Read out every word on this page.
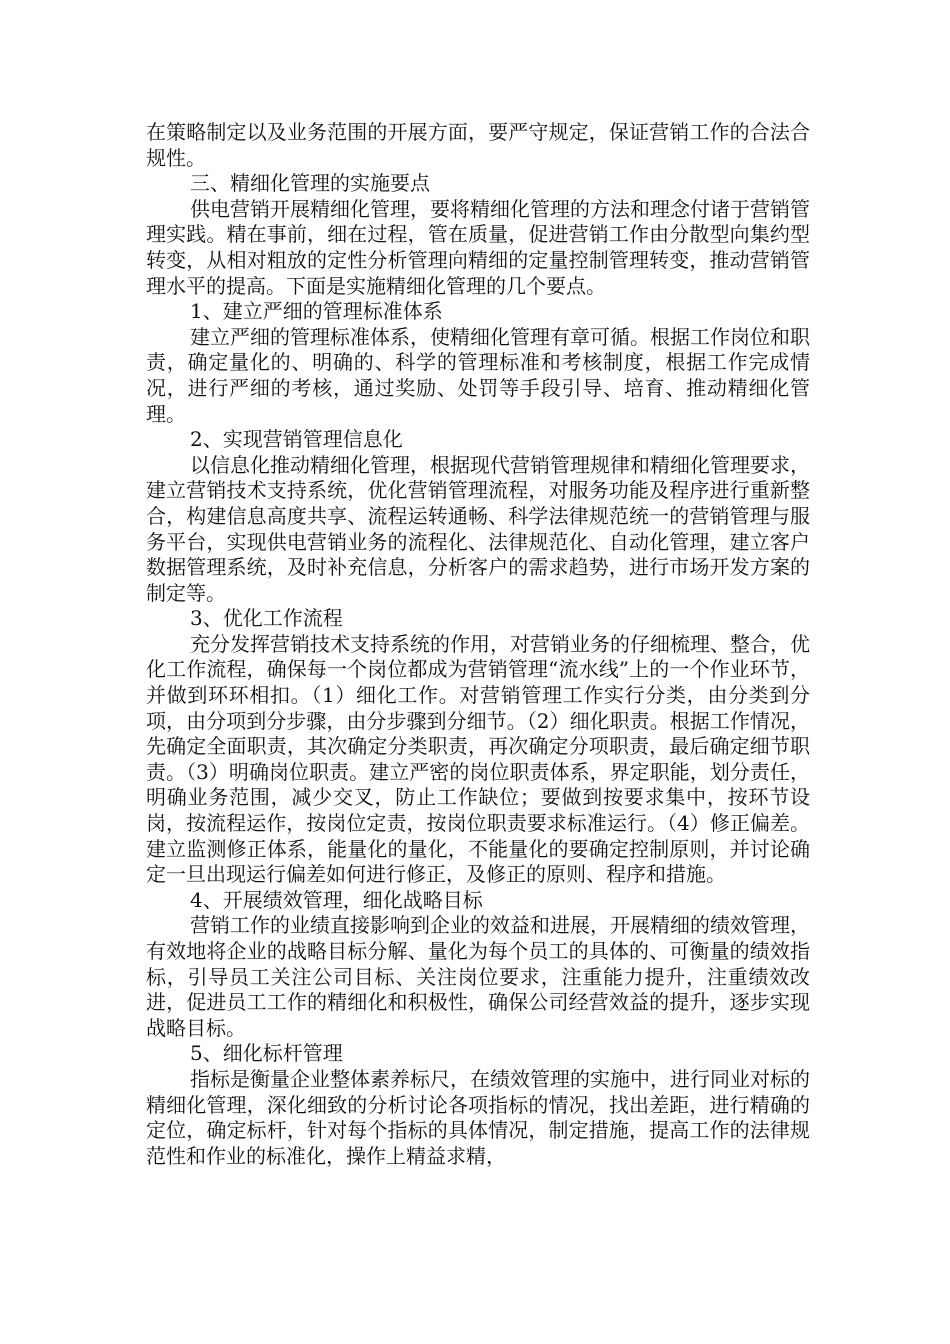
在策略制定以及业务范围的开展方面，要严守规定，保证营销工作的合法合规性。

三、精细化管理的实施要点

供电营销开展精细化管理，要将精细化管理的方法和理念付诸于营销管理实践。精在事前，细在过程，管在质量，促进营销工作由分散型向集约型转变，从相对粗放的定性分析管理向精细的定量控制管理转变，推动营销管理水平的提高。下面是实施精细化管理的几个要点。

1、建立严细的管理标准体系

建立严细的管理标准体系，使精细化管理有章可循。根据工作岗位和职责，确定量化的、明确的、科学的管理标准和考核制度，根据工作完成情况，进行严细的考核，通过奖励、处罚等手段引导、培育、推动精细化管理。

2、实现营销管理信息化

以信息化推动精细化管理，根据现代营销管理规律和精细化管理要求，建立营销技术支持系统，优化营销管理流程，对服务功能及程序进行重新整合，构建信息高度共享、流程运转通畅、科学法律规范统一的营销管理与服务平台，实现供电营销业务的流程化、法律规范化、自动化管理，建立客户数据管理系统，及时补充信息，分析客户的需求趋势，进行市场开发方案的制定等。

3、优化工作流程

充分发挥营销技术支持系统的作用，对营销业务的仔细梳理、整合，优化工作流程，确保每一个岗位都成为营销管理“流水线”上的一个作业环节，并做到环环相扣。（1）细化工作。对营销管理工作实行分类，由分类到分项，由分项到分步骤，由分步骤到分细节。（2）细化职责。根据工作情况，先确定全面职责，其次确定分类职责，再次确定分项职责，最后确定细节职责。（3）明确岗位职责。建立严密的岗位职责体系，界定职能，划分责任，明确业务范围，减少交叉，防止工作缺位；要做到按要求集中，按环节设岗，按流程运作，按岗位定责，按岗位职责要求标准运行。（4）修正偏差。建立监测修正体系，能量化的量化，不能量化的要确定控制原则，并讨论确定一旦出现运行偏差如何进行修正，及修正的原则、程序和措施。

4、开展绩效管理，细化战略目标

营销工作的业绩直接影响到企业的效益和进展，开展精细的绩效管理，有效地将企业的战略目标分解、量化为每个员工的具体的、可衡量的绩效指标，引导员工关注公司目标、关注岗位要求，注重能力提升，注重绩效改进，促进员工工作的精细化和积极性，确保公司经营效益的提升，逐步实现战略目标。

5、细化标杆管理

指标是衡量企业整体素养标尺，在绩效管理的实施中，进行同业对标的精细化管理，深化细致的分析讨论各项指标的情况，找出差距，进行精确的定位，确定标杆，针对每个指标的具体情况，制定措施，提高工作的法律规范性和作业的标准化，操作上精益求精，
